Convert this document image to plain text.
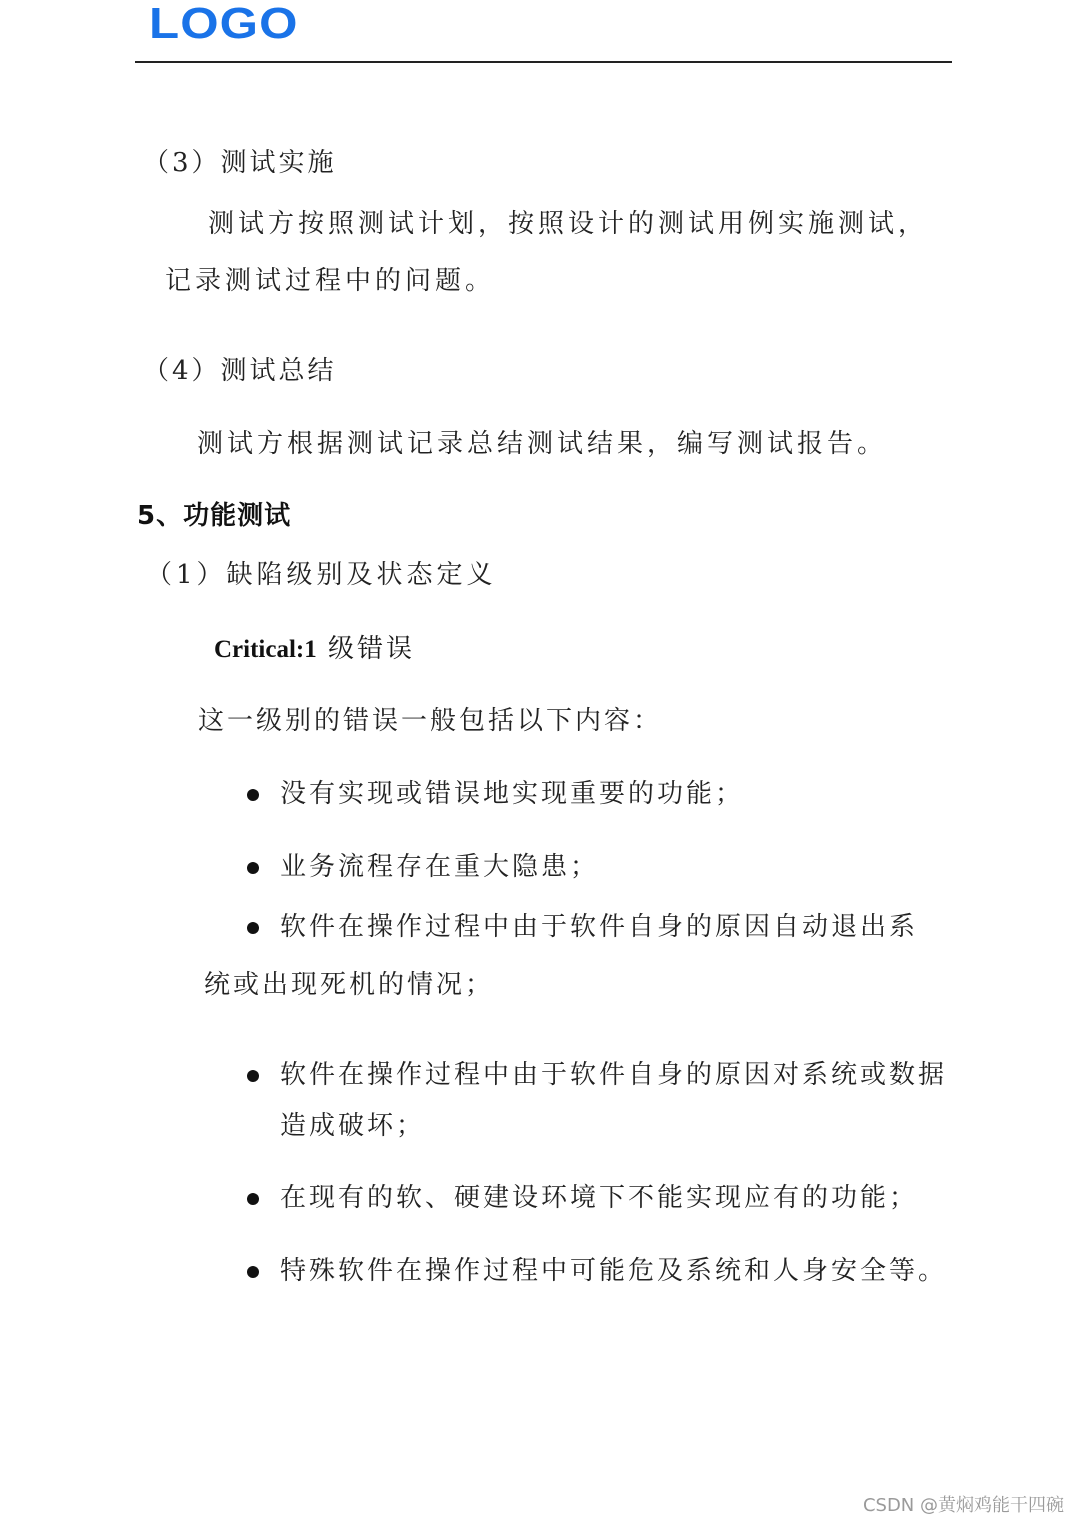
LOGO
（3）测试实施
测试方按照测试计划，按照设计的测试用例实施测试，
记录测试过程中的问题。
（4）测试总结
测试方根据测试记录总结测试结果，编写测试报告。
5、功能测试
（1）缺陷级别及状态定义
Critical:1 级错误
这一级别的错误一般包括以下内容：
没有实现或错误地实现重要的功能；
业务流程存在重大隐患；
软件在操作过程中由于软件自身的原因自动退出系
统或出现死机的情况；
软件在操作过程中由于软件自身的原因对系统或数据
造成破坏；
在现有的软、硬建设环境下不能实现应有的功能；
特殊软件在操作过程中可能危及系统和人身安全等。
CSDN @黄焖鸡能干四碗
